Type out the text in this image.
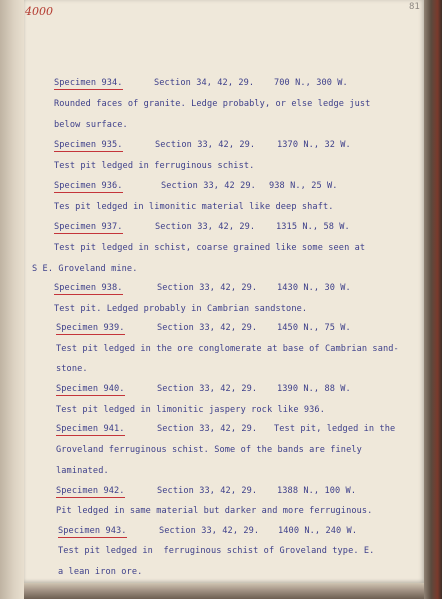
Specimen 934.	Section 34, 42, 29. 700 N., 300 W.
Rounded faces of granite. Ledge probably, or else ledge just
below surface.
Specimen 935.	Section 33, 42, 29.	1370 N., 32 W.
Test pit ledged in ferruginous schist.
Specimen 936.	Section 33, 42 29. 938 N., 25 W.
Tes pit ledged in limonitic material like deep shaft.
Specimen 937.	Section 33, 42, 29. 1315 N., 58 W.
Test pit ledged in schist, coarse grained like some seen at
S E. Groveland mine.
Specimen 938.	Section 33, 42, 29. 1430 N., 30 W.
Test pit. Ledged probably in Cambrian sandstone.
Specimen 939.	Section 33, 42, 29. 1450 N., 75 W.
Test pit ledged in the ore conglomerate at base of Cambrian sand-
stone.
Specimen 940.	Section 33, 42, 29. 1390 N., 88 W.
Test pit ledged in limonitic jaspery rock like 936.
Specimen 941.	Section 33, 42, 29. Test pit, ledged in the
Groveland ferruginous schist. Some of the bands are finely
laminated.
Specimen 942.	Section 33, 42, 29. 1388 N., 100 W.
Pit ledged in same material but darker and more ferruginous.
Specimen 943.	Section 33, 42, 29. 1400 N., 240 W.
Test pit ledged in  ferruginous schist of Groveland type. E.
a lean iron ore.
4000	81
